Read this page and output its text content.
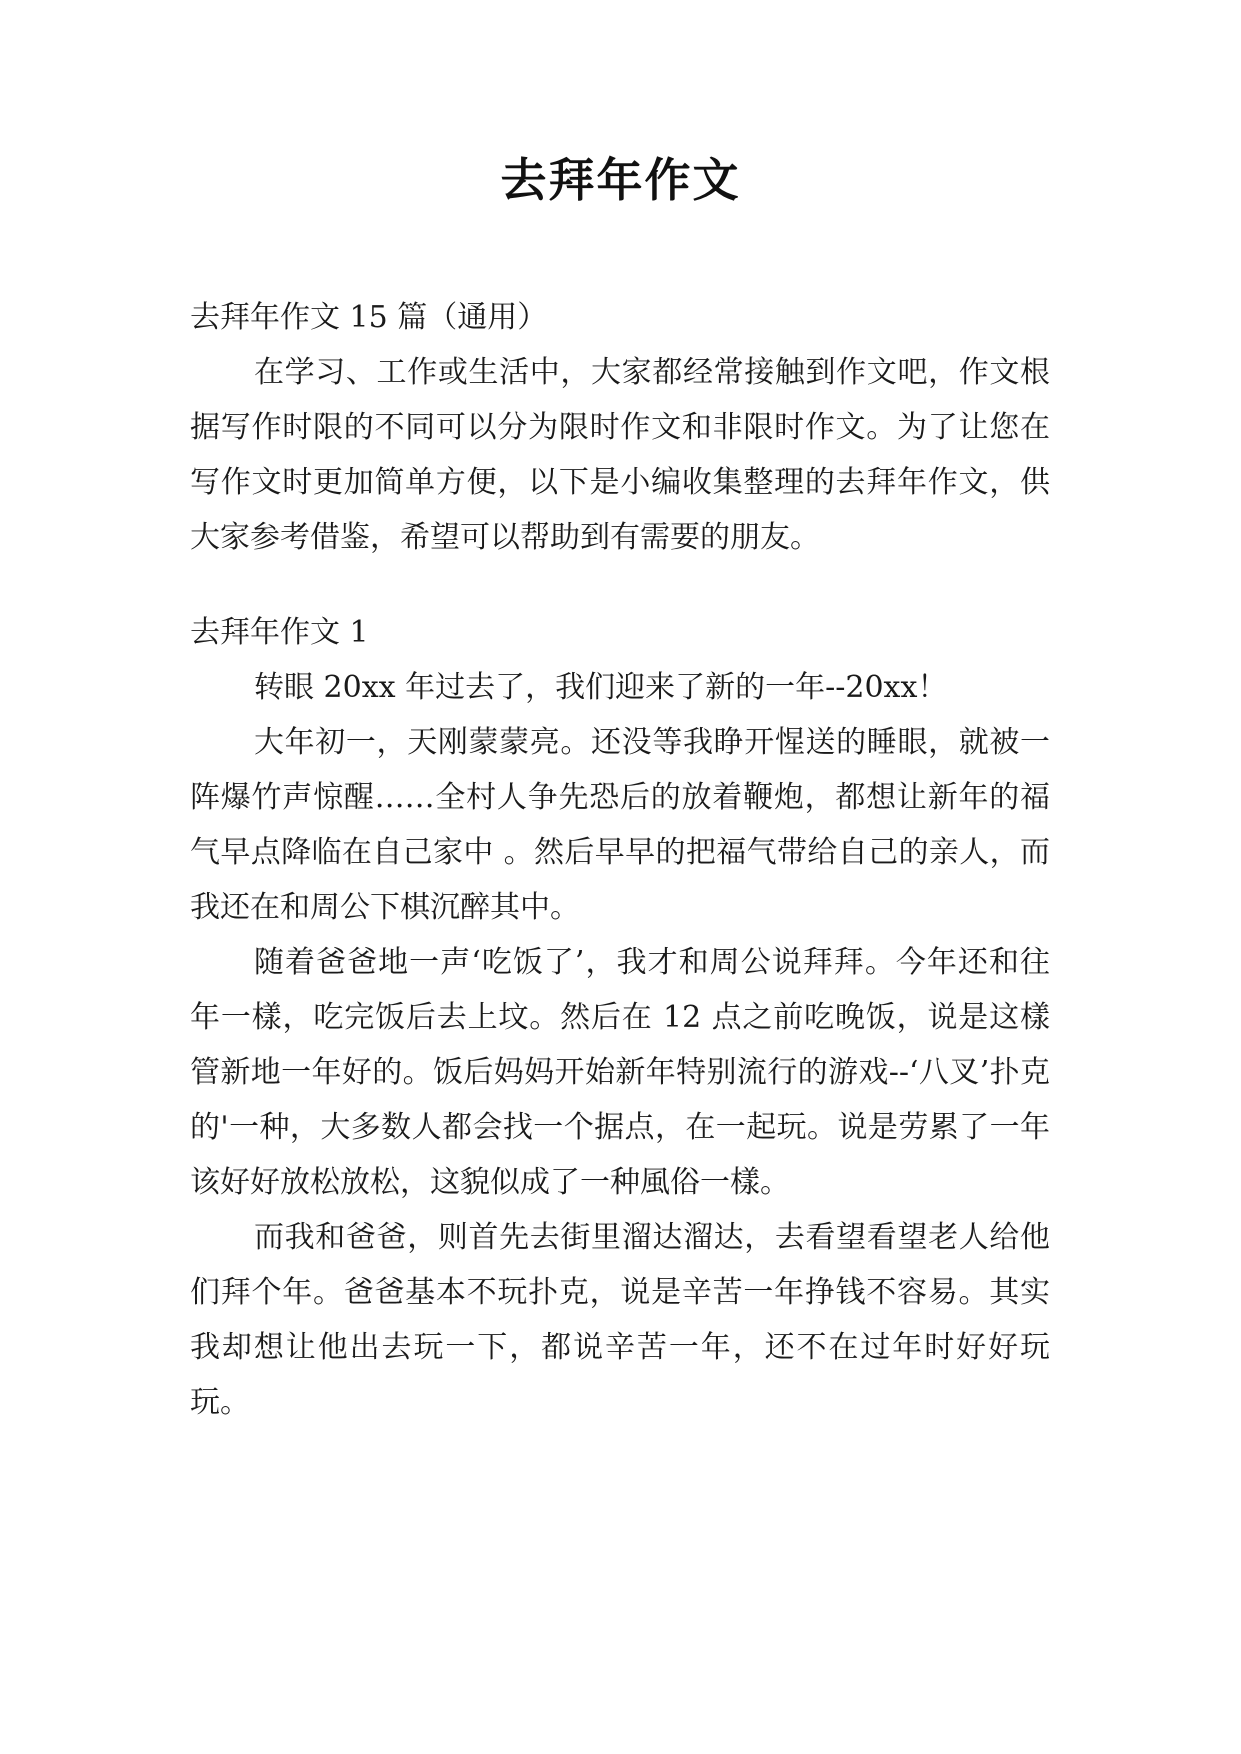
去拜年作文

去拜年作文 15 篇（通用）

在学习、工作或生活中，大家都经常接触到作文吧，作文根据写作时限的不同可以分为限时作文和非限时作文。为了让您在写作文时更加简单方便，以下是小编收集整理的去拜年作文，供大家参考借鉴，希望可以帮助到有需要的朋友。

去拜年作文 1

转眼 20xx 年过去了，我们迎来了新的一年--20xx！

大年初一，天刚蒙蒙亮。还没等我睁开惺送的睡眼，就被一阵爆竹声惊醒……全村人争先恐后的放着鞭炮，都想让新年的福气早点降临在自己家中 。然后早早的把福气带给自己的亲人，而我还在和周公下棋沉醉其中。

随着爸爸地一声‘吃饭了’，我才和周公说拜拜。今年还和往年一樣，吃完饭后去上坟。然后在 12 点之前吃晚饭，说是这樣管新地一年好的。饭后妈妈开始新年特别流行的游戏--‘八叉’扑克的'一种，大多数人都会找一个据点，在一起玩。说是劳累了一年该好好放松放松，这貌似成了一种風俗一樣。

而我和爸爸，则首先去街里溜达溜达，去看望看望老人给他们拜个年。爸爸基本不玩扑克，说是辛苦一年挣钱不容易。其实我却想让他出去玩一下，都说辛苦一年，还不在过年时好好玩玩。
